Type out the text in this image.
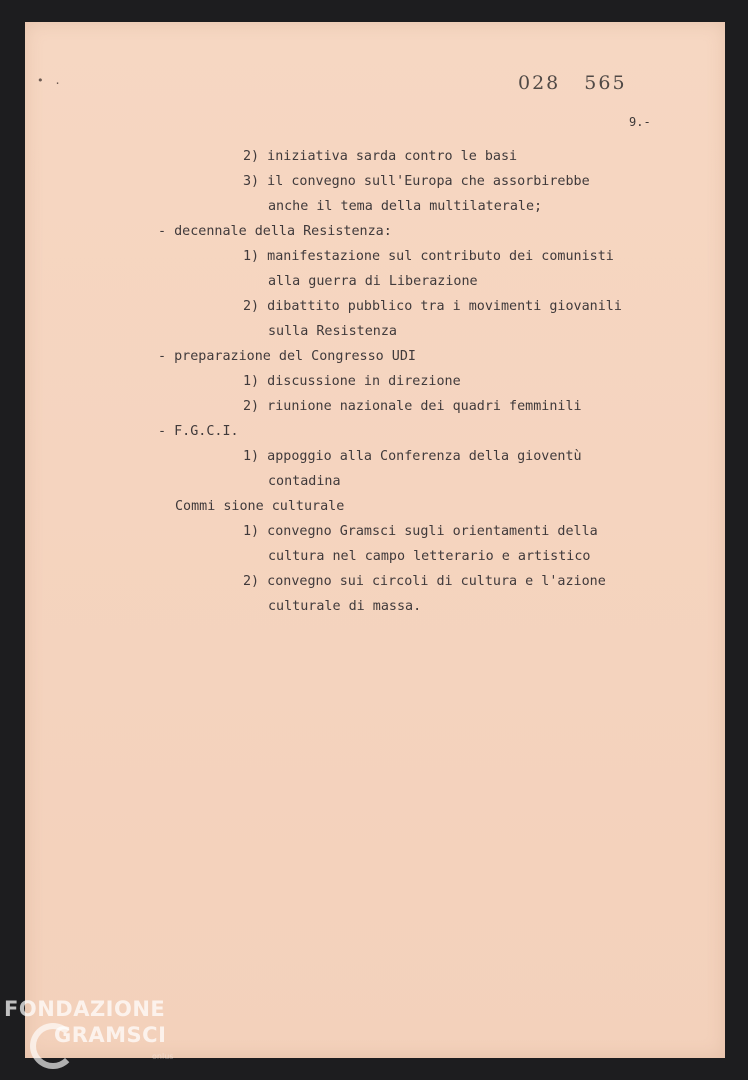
• .	028 565
9.-
2) iniziativa sarda contro le basi
3) il convegno sull'Europa che assorbirebbe
anche il tema della multilaterale;
- decennale della Resistenza:
1) manifestazione sul contributo dei comunisti
alla guerra di Liberazione
2) dibattito pubblico tra i movimenti giovanili
sulla Resistenza
- preparazione del Congresso UDI
1) discussione in direzione
2) riunione nazionale dei quadri femminili
- F.G.C.I.
1) appoggio alla Conferenza della gioventù
contadina
Commi sione culturale
1) convegno Gramsci sugli orientamenti della
cultura nel campo letterario e artistico
2) convegno sui circoli di cultura e l'azione
culturale di massa.
FONDAZIONE
GRAMSCI
onlus
